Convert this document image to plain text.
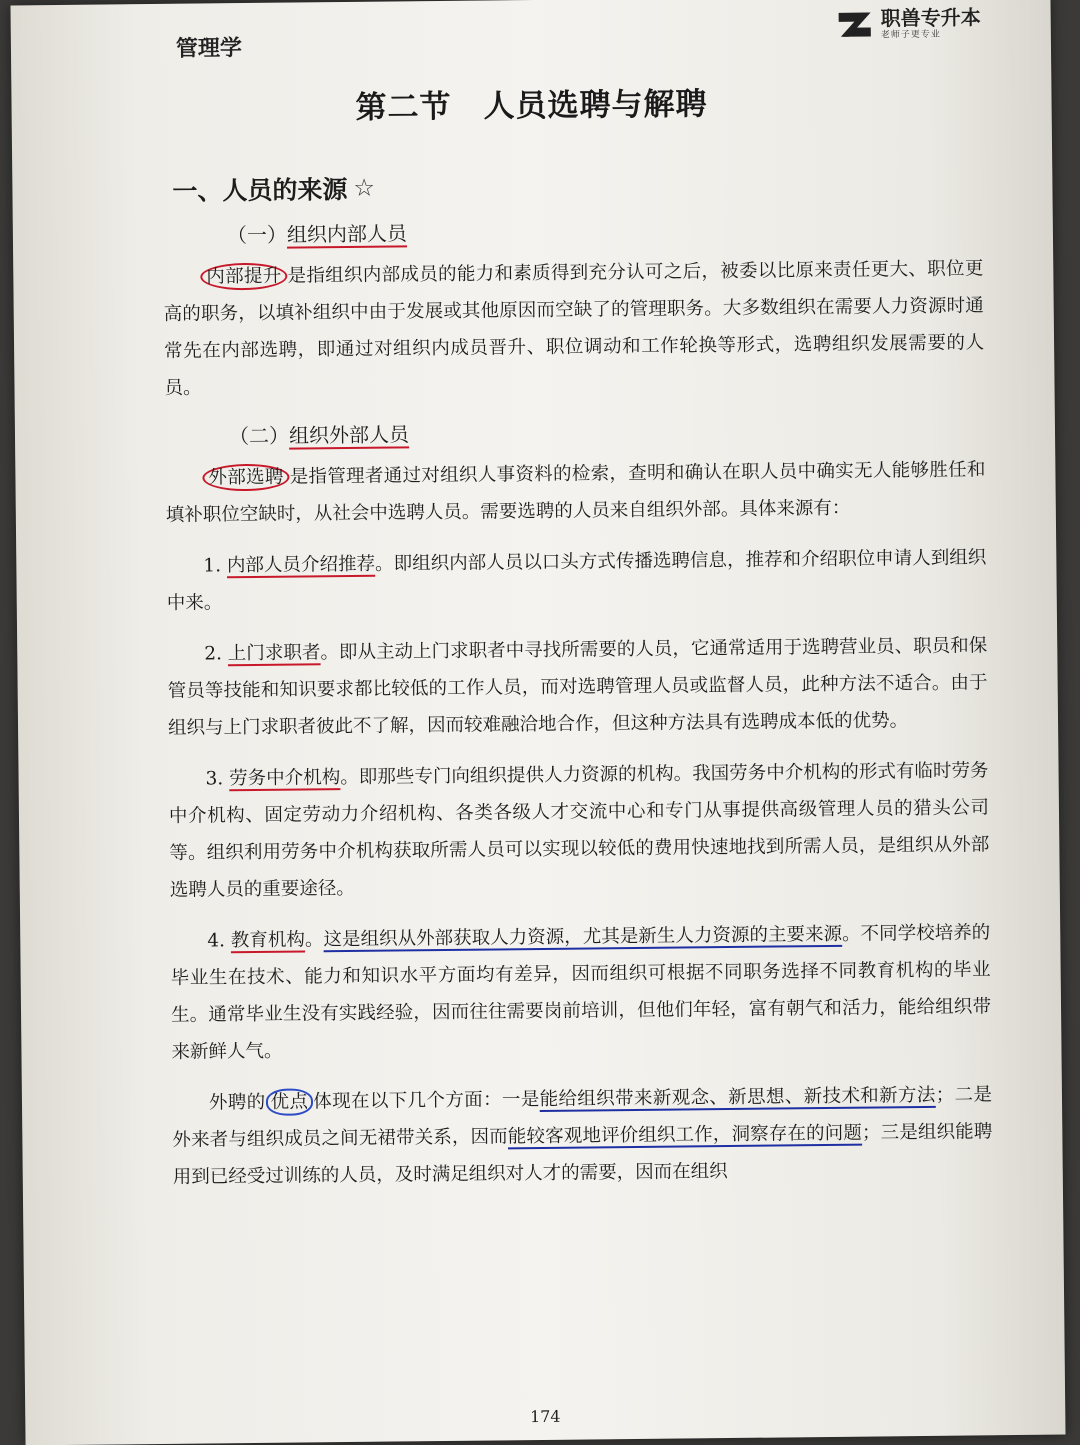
管理学
职兽专升本
老师子更专业
第二节　人员选聘与解聘
一、人员的来源 ☆
（一）组织内部人员

内部提升 是指组织内部成员的能力和素质得到充分认可之后，被委以比原来责任更大、职位更高的职务，以填补组织中由于发展或其他原因而空缺了的管理职务。大多数组织在需要人力资源时通常先在内部选聘，即通过对组织内成员晋升、职位调动和工作轮换等形式，选聘组织发展需要的人员。

（二）组织外部人员

外部选聘 是指管理者通过对组织人事资料的检索，查明和确认在职人员中确实无人能够胜任和填补职位空缺时，从社会中选聘人员。需要选聘的人员来自组织外部。具体来源有：

1. 内部人员介绍推荐。即组织内部人员以口头方式传播选聘信息，推荐和介绍职位申请人到组织中来。

2. 上门求职者。即从主动上门求职者中寻找所需要的人员，它通常适用于选聘营业员、职员和保管员等技能和知识要求都比较低的工作人员，而对选聘管理人员或监督人员，此种方法不适合。由于组织与上门求职者彼此不了解，因而较难融洽地合作，但这种方法具有选聘成本低的优势。

3. 劳务中介机构。即那些专门向组织提供人力资源的机构。我国劳务中介机构的形式有临时劳务中介机构、固定劳动力介绍机构、各类各级人才交流中心和专门从事提供高级管理人员的猎头公司等。组织利用劳务中介机构获取所需人员可以实现以较低的费用快速地找到所需人员，是组织从外部选聘人员的重要途径。

4. 教育机构。这是组织从外部获取人力资源，尤其是新生人力资源的主要来源。不同学校培养的毕业生在技术、能力和知识水平方面均有差异，因而组织可根据不同职务选择不同教育机构的毕业生。通常毕业生没有实践经验，因而往往需要岗前培训，但他们年轻，富有朝气和活力，能给组织带来新鲜人气。

外聘的 优点 体现在以下几个方面：一是能给组织带来新观念、新思想、新技术和新方法；二是外来者与组织成员之间无裙带关系，因而能较客观地评价组织工作，洞察存在的问题；三是组织能聘用到已经受过训练的人员，及时满足组织对人才的需要，因而在组织

174
